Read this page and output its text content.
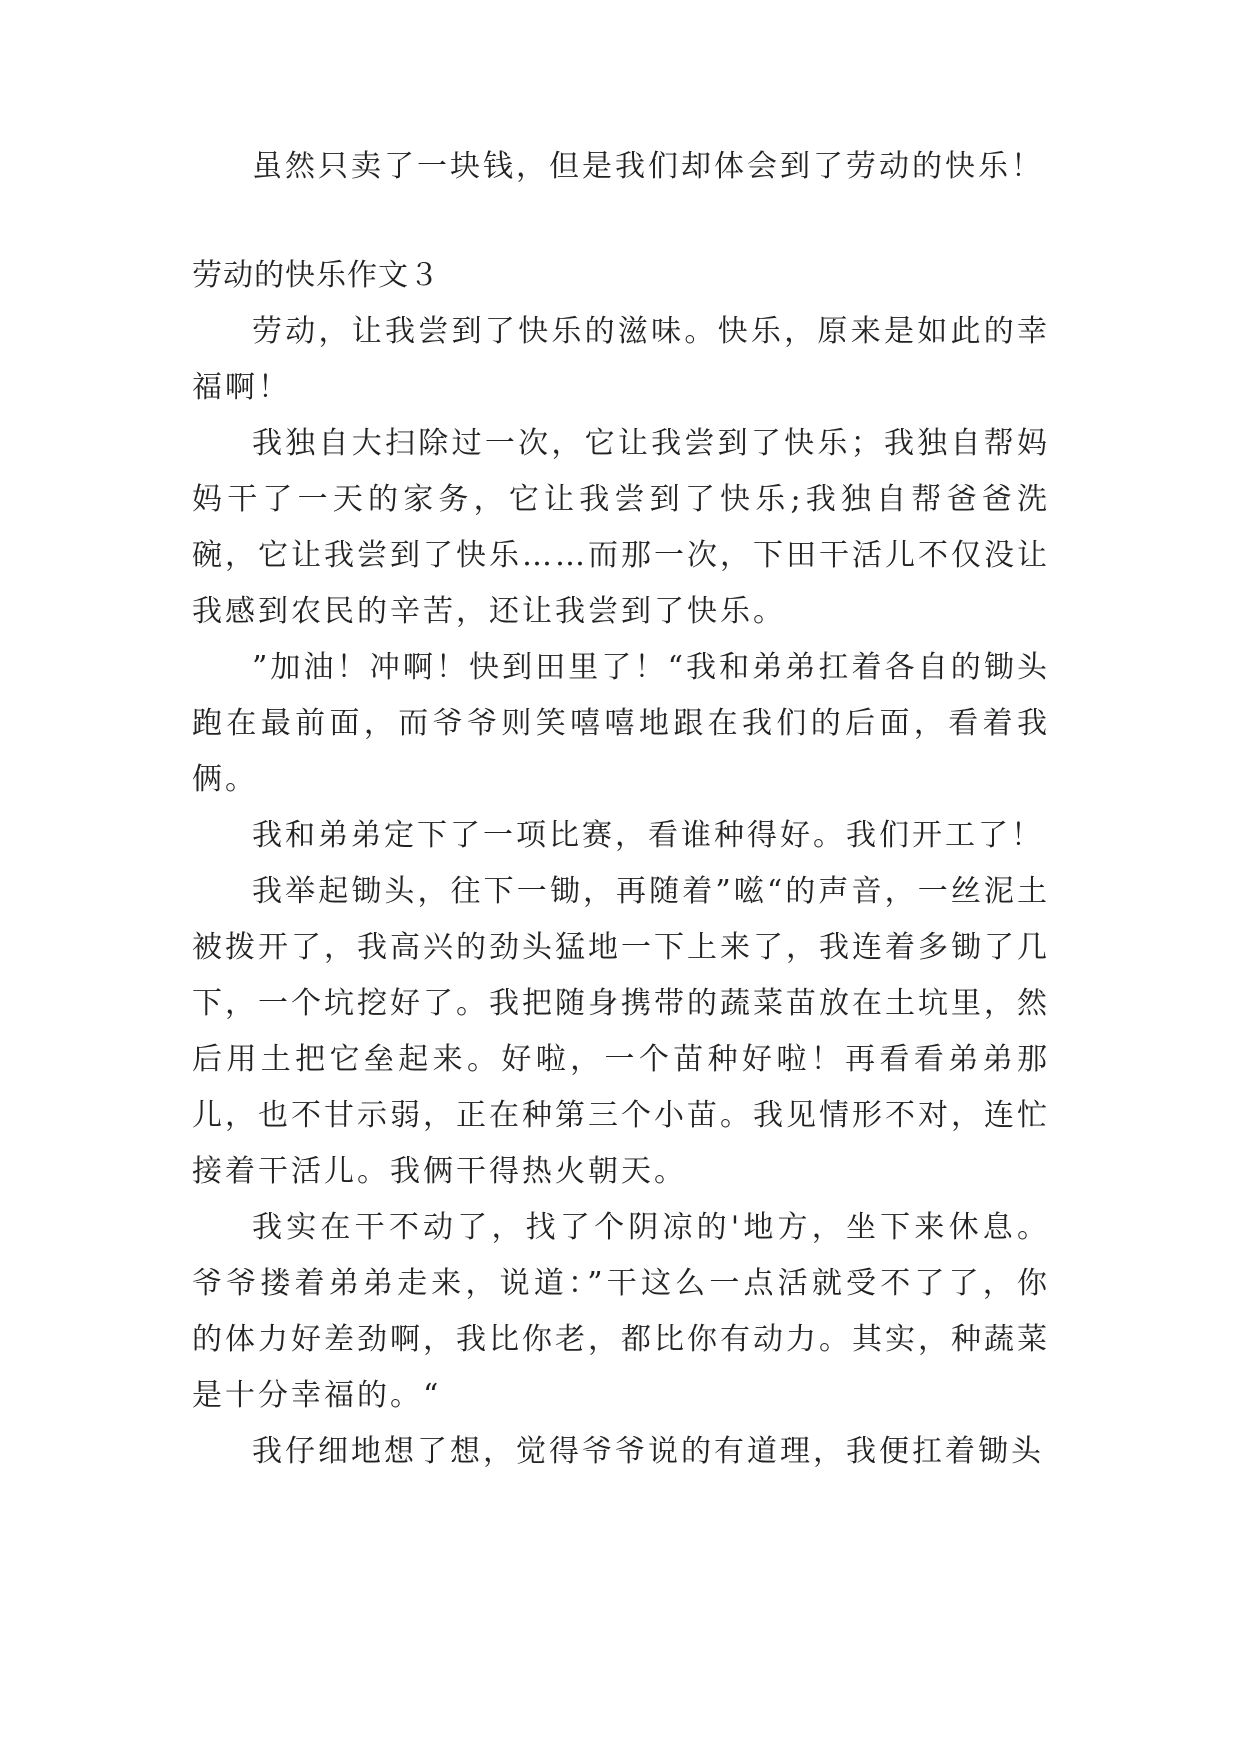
虽然只卖了一块钱，但是我们却体会到了劳动的快乐！

劳动的快乐作文３

劳动，让我尝到了快乐的滋味。快乐，原来是如此的幸福啊！

我独自大扫除过一次，它让我尝到了快乐；我独自帮妈妈干了一天的家务，它让我尝到了快乐;我独自帮爸爸洗碗，它让我尝到了快乐……而那一次，下田干活儿不仅没让我感到农民的辛苦，还让我尝到了快乐。

”加油！冲啊！快到田里了！“我和弟弟扛着各自的锄头跑在最前面，而爷爷则笑嘻嘻地跟在我们的后面，看着我俩。

我和弟弟定下了一项比赛，看谁种得好。我们开工了！

我举起锄头，往下一锄，再随着”嗞“的声音，一丝泥土被拨开了，我高兴的劲头猛地一下上来了，我连着多锄了几下，一个坑挖好了。我把随身携带的蔬菜苗放在土坑里，然后用土把它垒起来。好啦，一个苗种好啦！再看看弟弟那儿，也不甘示弱，正在种第三个小苗。我见情形不对，连忙接着干活儿。我俩干得热火朝天。

我实在干不动了，找了个阴凉的'地方，坐下来休息。爷爷搂着弟弟走来，说道：”干这么一点活就受不了了，你的体力好差劲啊，我比你老，都比你有动力。其实，种蔬菜是十分幸福的。“

我仔细地想了想，觉得爷爷说的有道理，我便扛着锄头
